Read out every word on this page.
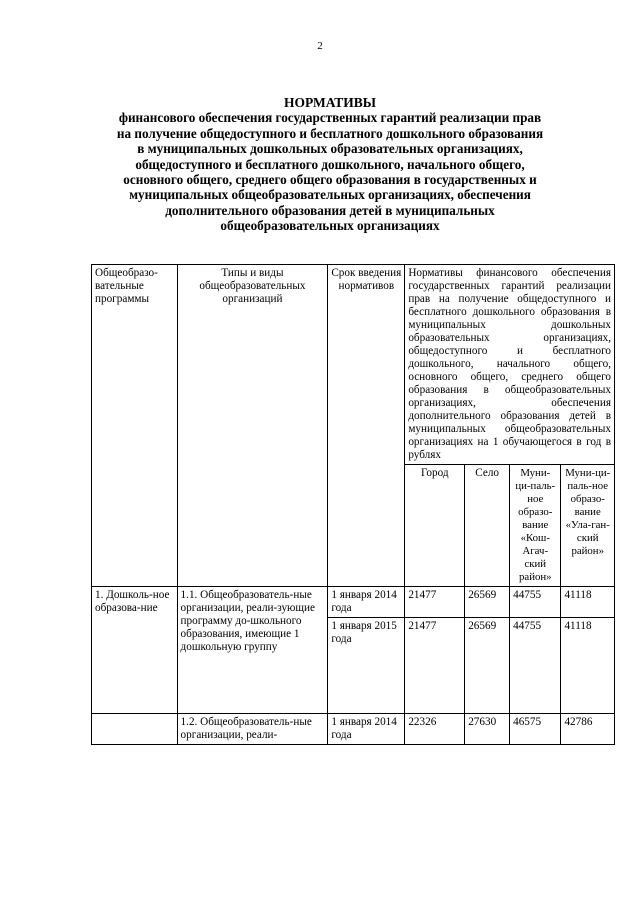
2
НОРМАТИВЫ
финансового обеспечения государственных гарантий реализации прав
на получение общедоступного и бесплатного дошкольного образования
в муниципальных дошкольных образовательных организациях,
общедоступного и бесплатного дошкольного, начального общего,
основного общего, среднего общего образования в государственных и
муниципальных общеобразовательных организациях, обеспечения
дополнительного образования детей в муниципальных
общеобразовательных организациях
Общеобразо-вательные программы	Типы и виды общеобразовательных организаций	Срок введения нормативов	Нормативы финансового обеспечения государственных гарантий реализации прав на получение общедоступного и бесплатного дошкольного образования в муниципальных дошкольных образовательных организациях, общедоступного и бесплатного дошкольного, начального общего, основного общего, среднего общего образования в общеобразовательных организациях, обеспечения дополнительного образования детей в муниципальных общеобразовательных организациях на 1 обучающегося в год в рублях			
			Город	Село	Муни-ци-паль-ное образо-вание «Кош-Агач-ский район»	Муни-ци-паль-ное образо-вание «Ула-ган-ский район»
1. Дошколь-ное образова-ние	1.1. Общеобразователь-ные организации, реали-зующие программу до-школьного образования, имеющие 1 дошкольную группу	1 января 2014 года	21477	26569	44755	41118
		1 января 2015 года	21477	26569	44755	41118
	1.2. Общеобразователь-ные организации, реали-	1 января 2014 года	22326	27630	46575	42786
